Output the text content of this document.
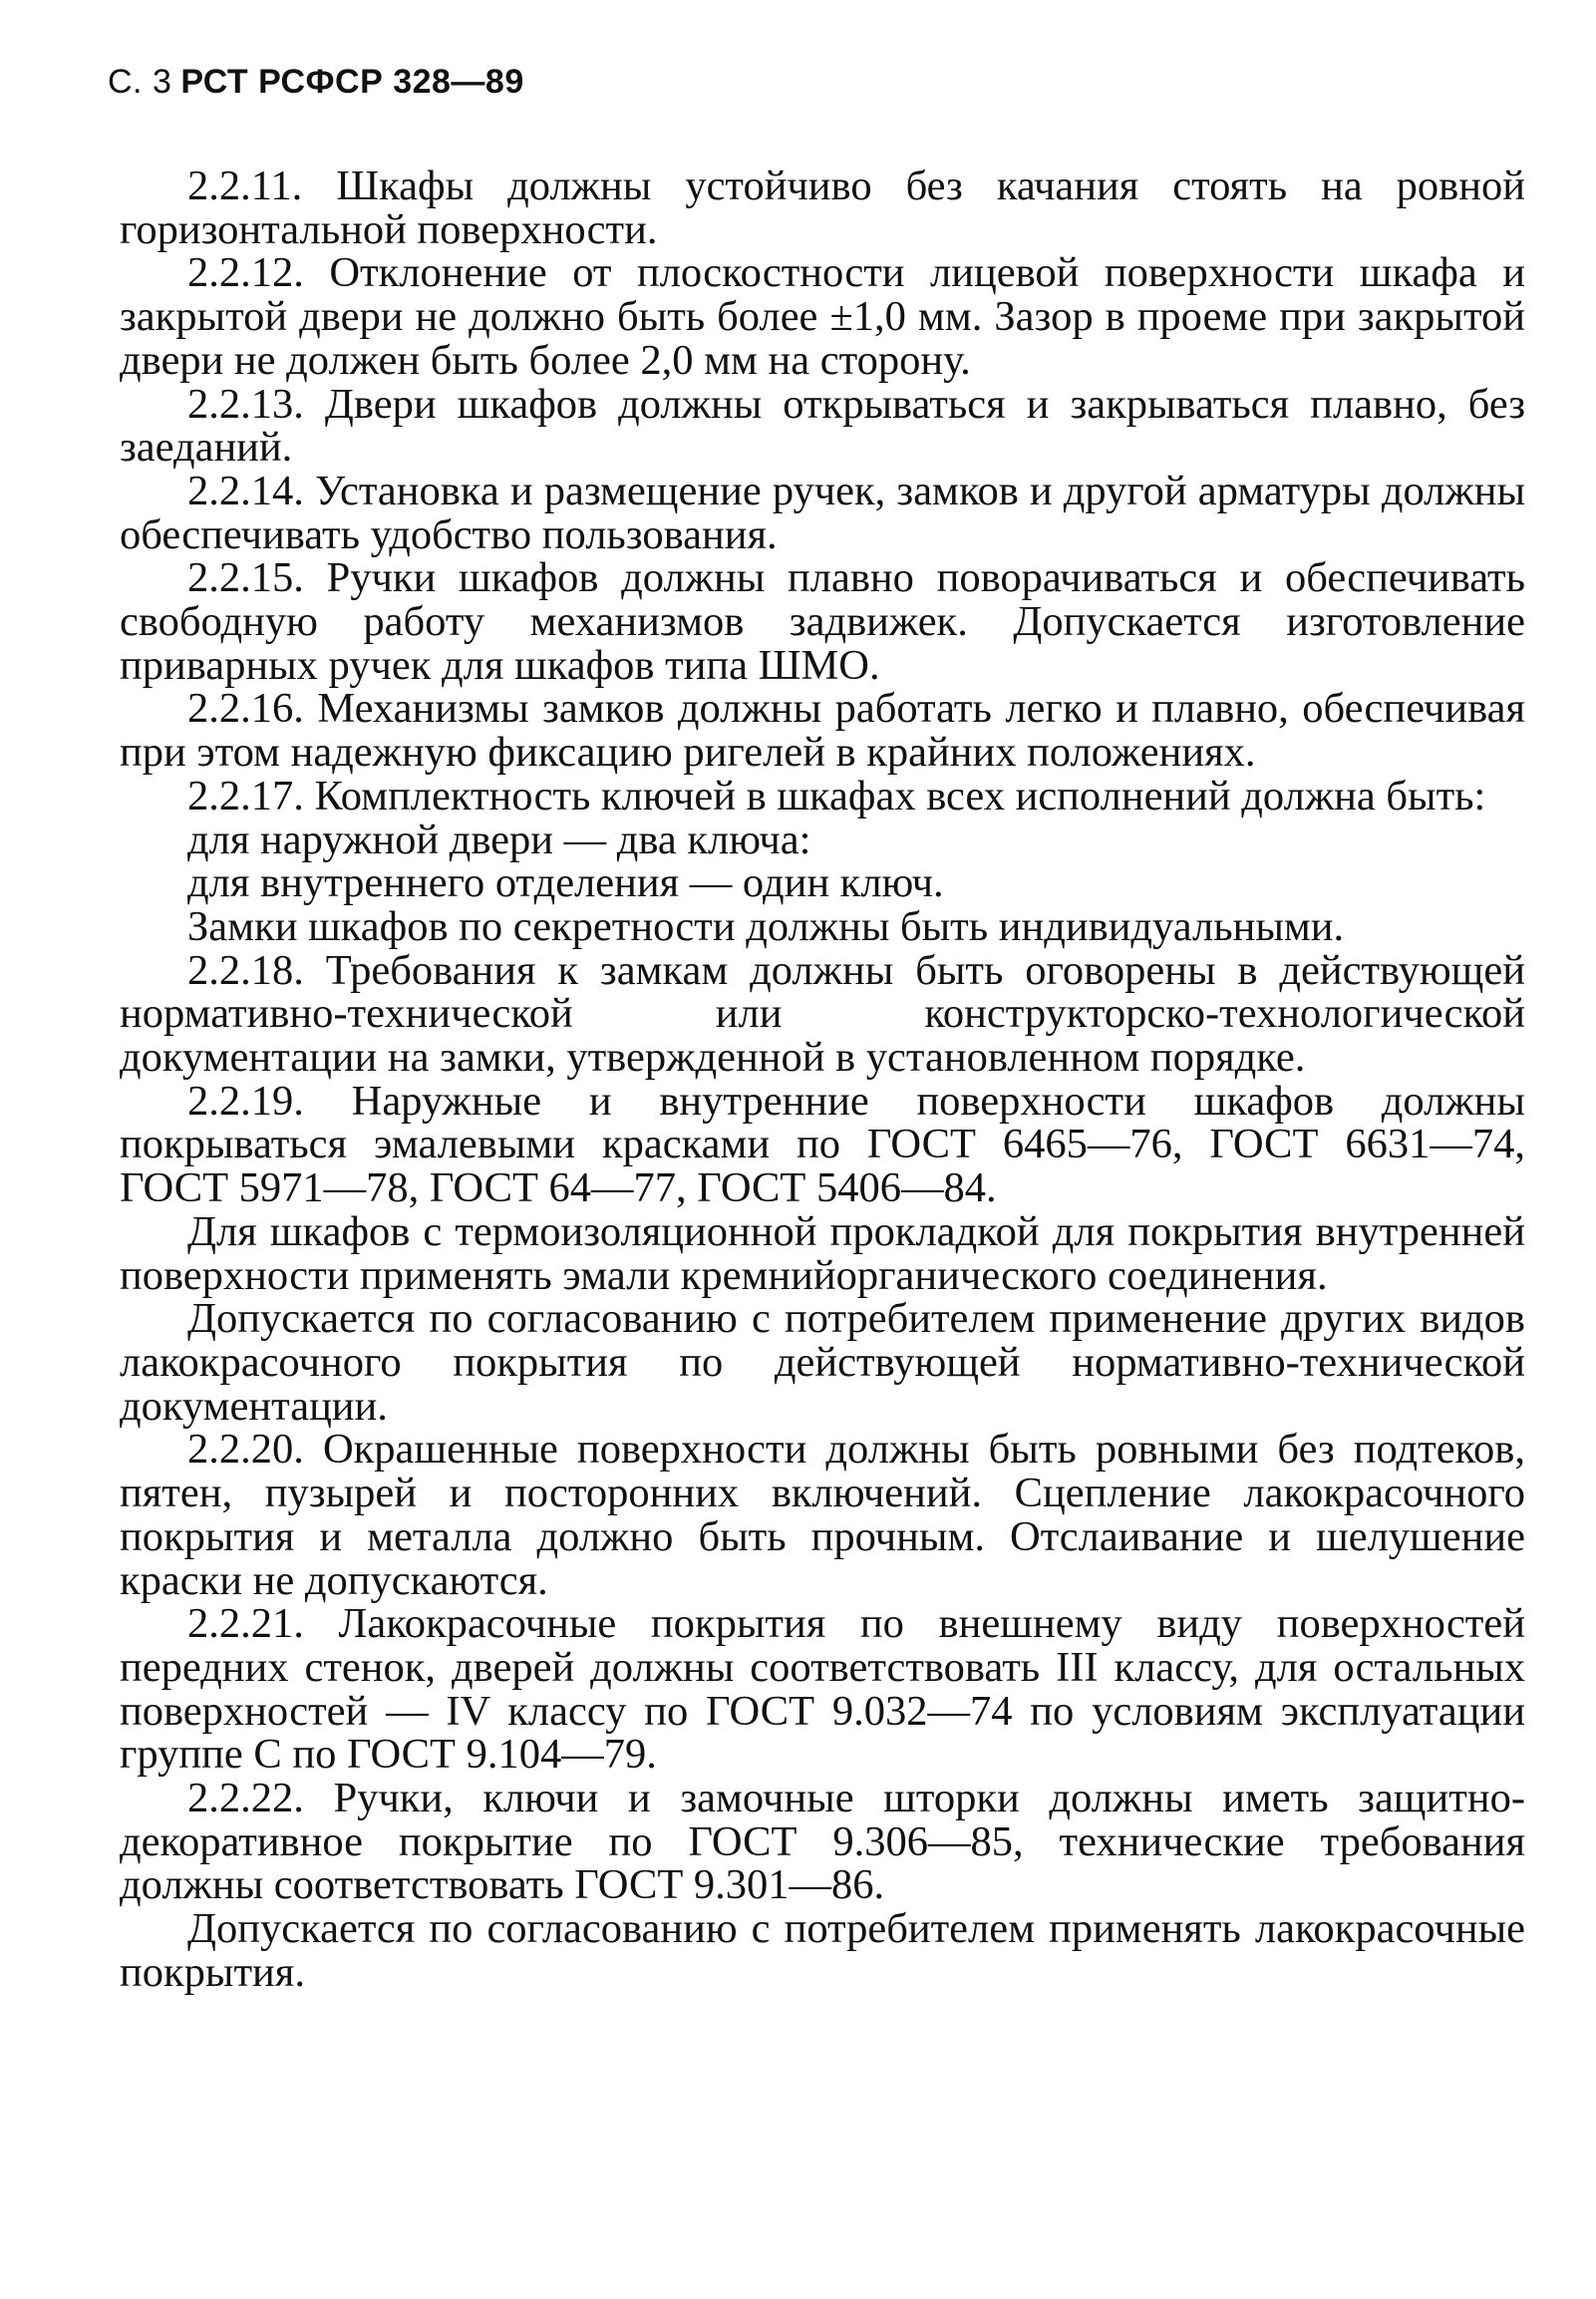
С. 3 РСТ РСФСР 328—89

2.2.11. Шкафы должны устойчиво без качания стоять на ровной горизонтальной поверхности.

2.2.12. Отклонение от плоскостности лицевой поверхности шкафа и закрытой двери не должно быть более ±1,0 мм. Зазор в проеме при закрытой двери не должен быть более 2,0 мм на сторону.

2.2.13. Двери шкафов должны открываться и закрываться плавно, без заеданий.

2.2.14. Установка и размещение ручек, замков и другой арматуры должны обеспечивать удобство пользования.

2.2.15. Ручки шкафов должны плавно поворачиваться и обеспечивать свободную работу механизмов задвижек. Допускается изготовление приварных ручек для шкафов типа ШМО.

2.2.16. Механизмы замков должны работать легко и плавно, обеспечивая при этом надежную фиксацию ригелей в крайних положениях.

2.2.17. Комплектность ключей в шкафах всех исполнений должна быть:

для наружной двери — два ключа:

для внутреннего отделения — один ключ.

Замки шкафов по секретности должны быть индивидуальными.

2.2.18. Требования к замкам должны быть оговорены в действующей нормативно-технической или конструкторско-технологической документации на замки, утвержденной в установленном порядке.

2.2.19. Наружные и внутренние поверхности шкафов должны покрываться эмалевыми красками по ГОСТ 6465—76, ГОСТ 6631—74, ГОСТ 5971—78, ГОСТ 64—77, ГОСТ 5406—84.

Для шкафов с термоизоляционной прокладкой для покрытия внутренней поверхности применять эмали кремнийорганического соединения.

Допускается по согласованию с потребителем применение других видов лакокрасочного покрытия по действующей нормативно-технической документации.

2.2.20. Окрашенные поверхности должны быть ровными без подтеков, пятен, пузырей и посторонних включений. Сцепление лакокрасочного покрытия и металла должно быть прочным. Отслаивание и шелушение краски не допускаются.

2.2.21. Лакокрасочные покрытия по внешнему виду поверхностей передних стенок, дверей должны соответствовать III классу, для остальных поверхностей — IV классу по ГОСТ 9.032—74 по условиям эксплуатации группе С по ГОСТ 9.104—79.

2.2.22. Ручки, ключи и замочные шторки должны иметь защитно-декоративное покрытие по ГОСТ 9.306—85, технические требования должны соответствовать ГОСТ 9.301—86.

Допускается по согласованию с потребителем применять лакокрасочные покрытия.
